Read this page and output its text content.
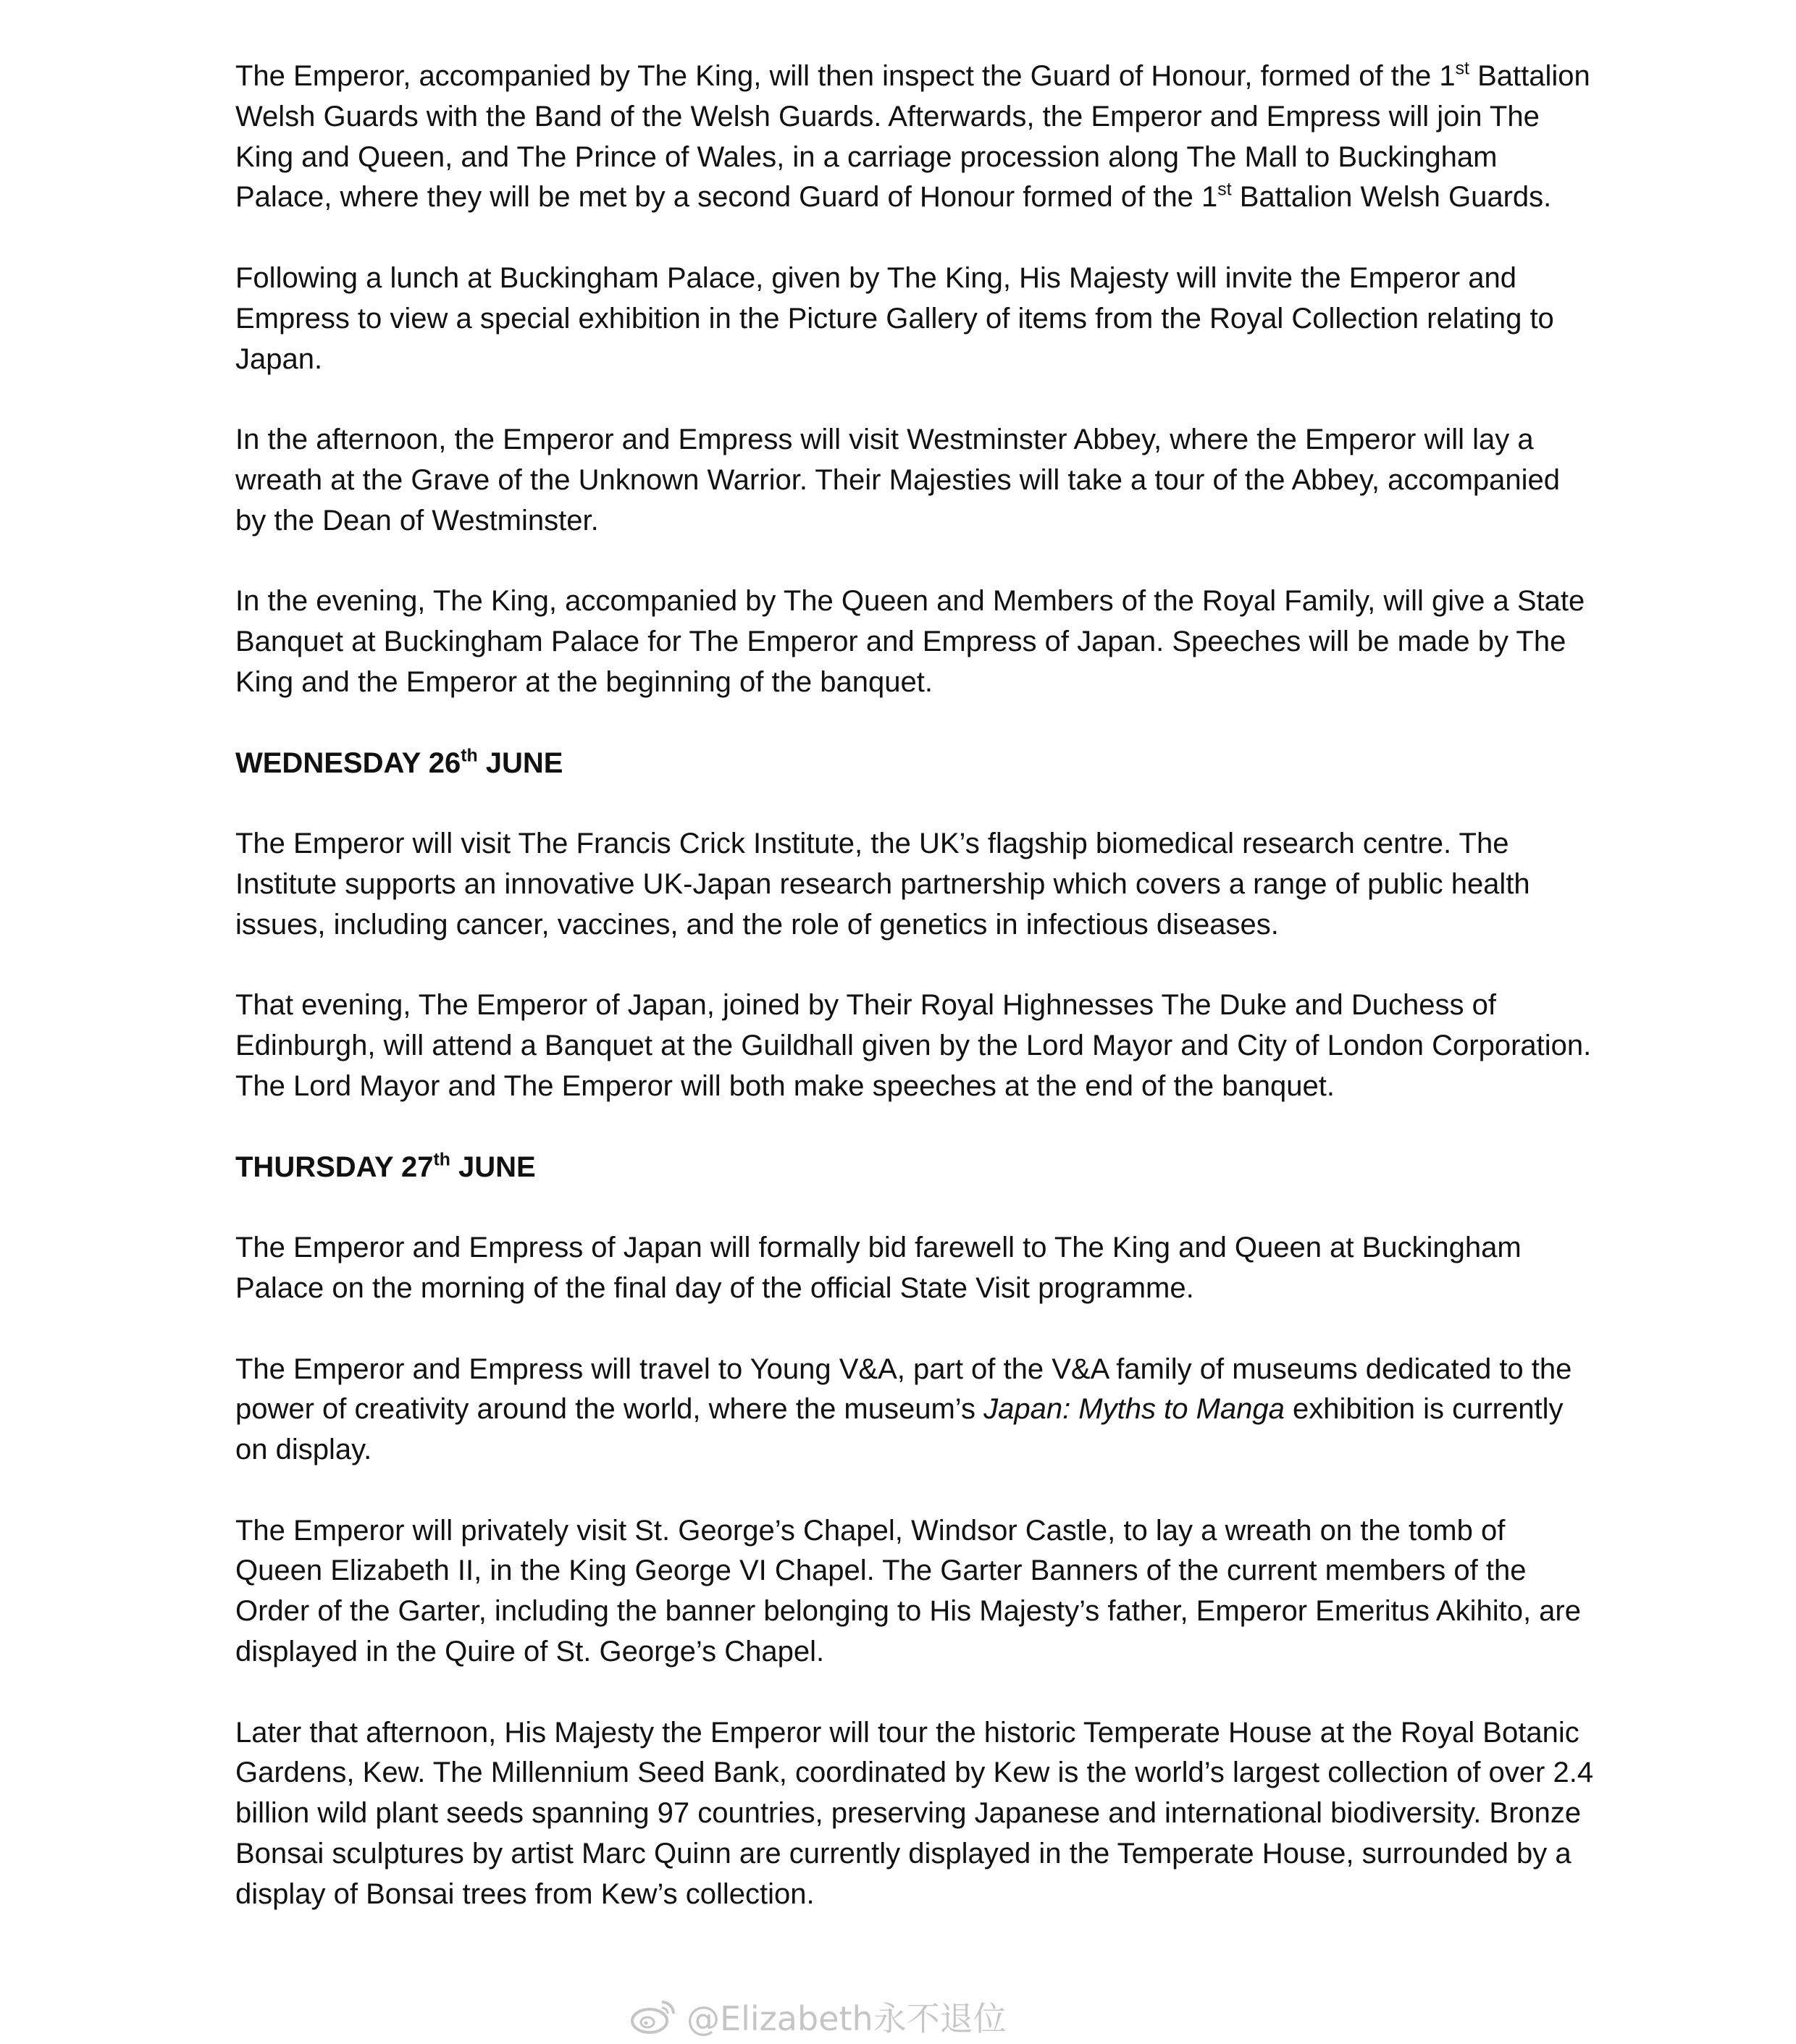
The Emperor, accompanied by The King, will then inspect the Guard of Honour, formed of the 1st Battalion Welsh Guards with the Band of the Welsh Guards. Afterwards, the Emperor and Empress will join The King and Queen, and The Prince of Wales, in a carriage procession along The Mall to Buckingham Palace, where they will be met by a second Guard of Honour formed of the 1st Battalion Welsh Guards.

Following a lunch at Buckingham Palace, given by The King, His Majesty will invite the Emperor and Empress to view a special exhibition in the Picture Gallery of items from the Royal Collection relating to Japan.

In the afternoon, the Emperor and Empress will visit Westminster Abbey, where the Emperor will lay a wreath at the Grave of the Unknown Warrior. Their Majesties will take a tour of the Abbey, accompanied by the Dean of Westminster.

In the evening, The King, accompanied by The Queen and Members of the Royal Family, will give a State Banquet at Buckingham Palace for The Emperor and Empress of Japan. Speeches will be made by The King and the Emperor at the beginning of the banquet.

WEDNESDAY 26th JUNE

The Emperor will visit The Francis Crick Institute, the UK’s flagship biomedical research centre. The Institute supports an innovative UK-Japan research partnership which covers a range of public health issues, including cancer, vaccines, and the role of genetics in infectious diseases.

That evening, The Emperor of Japan, joined by Their Royal Highnesses The Duke and Duchess of Edinburgh, will attend a Banquet at the Guildhall given by the Lord Mayor and City of London Corporation. The Lord Mayor and The Emperor will both make speeches at the end of the banquet.

THURSDAY 27th JUNE

The Emperor and Empress of Japan will formally bid farewell to The King and Queen at Buckingham Palace on the morning of the final day of the official State Visit programme.

The Emperor and Empress will travel to Young V&A, part of the V&A family of museums dedicated to the power of creativity around the world, where the museum’s Japan: Myths to Manga exhibition is currently on display.

The Emperor will privately visit St. George’s Chapel, Windsor Castle, to lay a wreath on the tomb of Queen Elizabeth II, in the King George VI Chapel. The Garter Banners of the current members of the Order of the Garter, including the banner belonging to His Majesty’s father, Emperor Emeritus Akihito, are displayed in the Quire of St. George’s Chapel.

Later that afternoon, His Majesty the Emperor will tour the historic Temperate House at the Royal Botanic Gardens, Kew. The Millennium Seed Bank, coordinated by Kew is the world’s largest collection of over 2.4 billion wild plant seeds spanning 97 countries, preserving Japanese and international biodiversity. Bronze Bonsai sculptures by artist Marc Quinn are currently displayed in the Temperate House, surrounded by a display of Bonsai trees from Kew’s collection.

@Elizabeth永不退位
